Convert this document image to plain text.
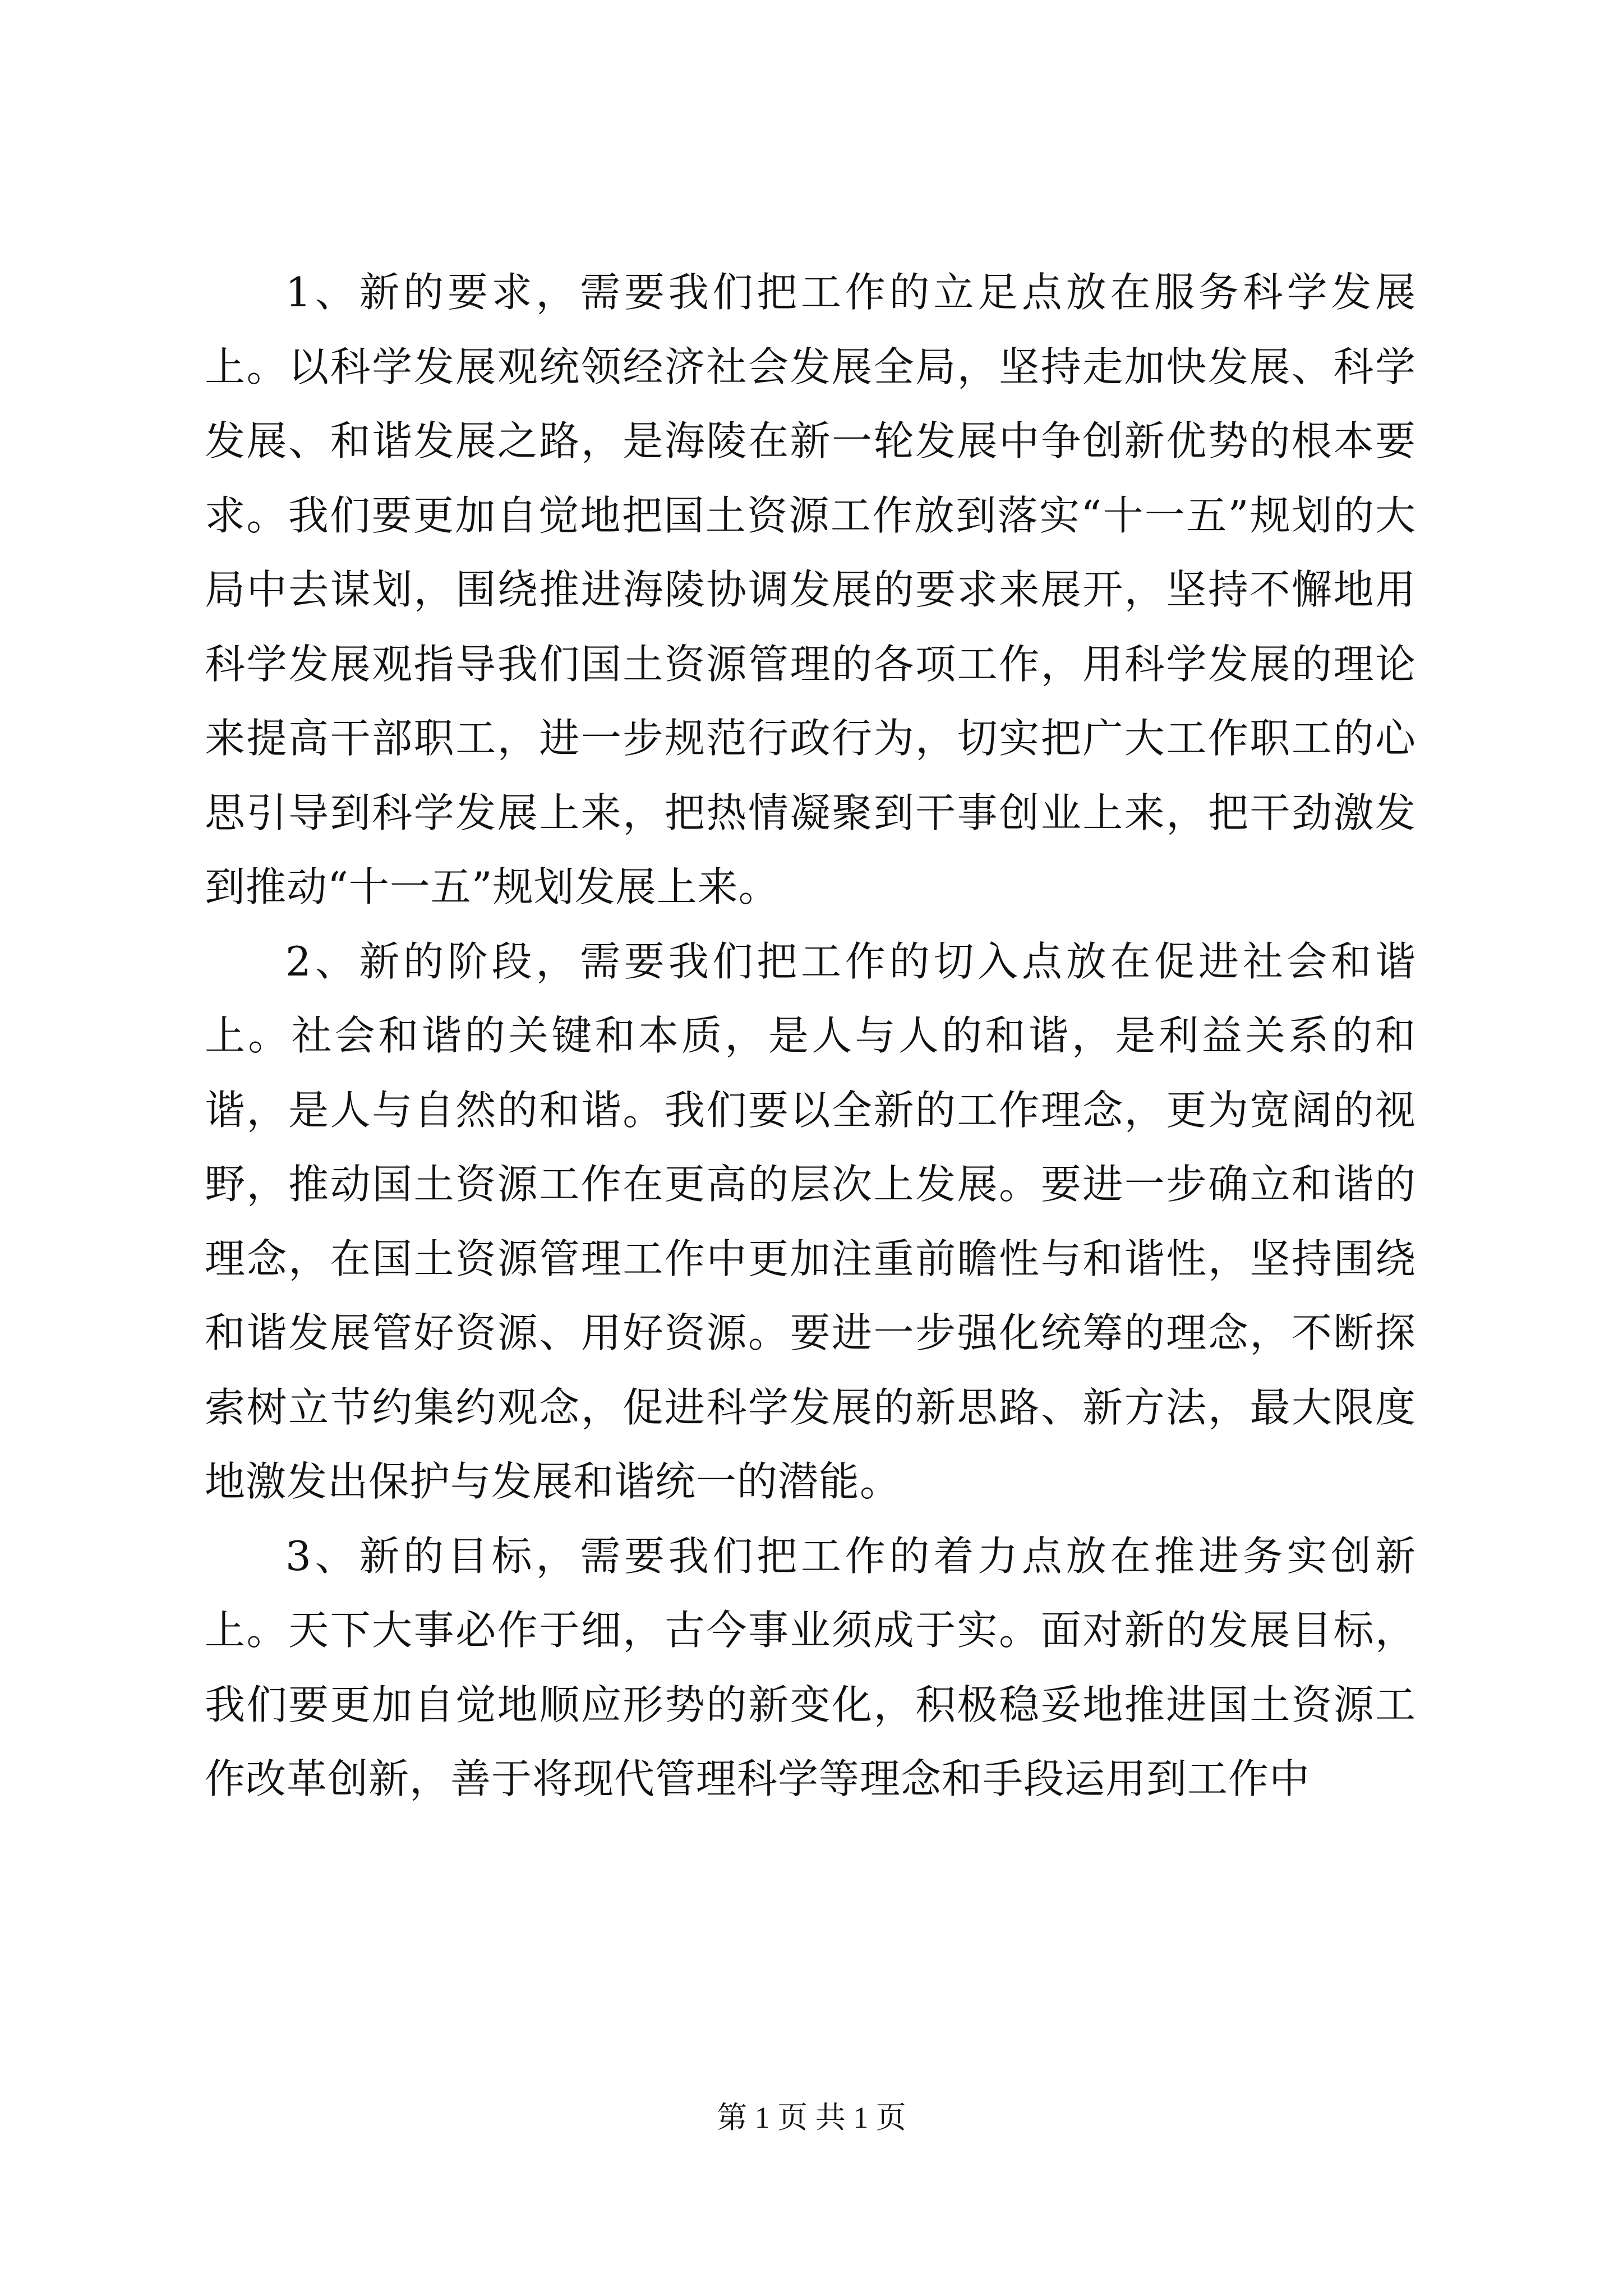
1、新的要求，需要我们把工作的立足点放在服务科学发展上。以科学发展观统领经济社会发展全局，坚持走加快发展、科学发展、和谐发展之路，是海陵在新一轮发展中争创新优势的根本要求。我们要更加自觉地把国土资源工作放到落实“十一五”规划的大局中去谋划，围绕推进海陵协调发展的要求来展开，坚持不懈地用科学发展观指导我们国土资源管理的各项工作，用科学发展的理论来提高干部职工，进一步规范行政行为，切实把广大工作职工的心思引导到科学发展上来，把热情凝聚到干事创业上来，把干劲激发到推动“十一五”规划发展上来。

2、新的阶段，需要我们把工作的切入点放在促进社会和谐上。社会和谐的关键和本质，是人与人的和谐，是利益关系的和谐，是人与自然的和谐。我们要以全新的工作理念，更为宽阔的视野，推动国土资源工作在更高的层次上发展。要进一步确立和谐的理念，在国土资源管理工作中更加注重前瞻性与和谐性，坚持围绕和谐发展管好资源、用好资源。要进一步强化统筹的理念，不断探索树立节约集约观念，促进科学发展的新思路、新方法，最大限度地激发出保护与发展和谐统一的潜能。

3、新的目标，需要我们把工作的着力点放在推进务实创新上。天下大事必作于细，古今事业须成于实。面对新的发展目标，我们要更加自觉地顺应形势的新变化，积极稳妥地推进国土资源工作改革创新，善于将现代管理科学等理念和手段运用到工作中

第 1 页 共 1 页
